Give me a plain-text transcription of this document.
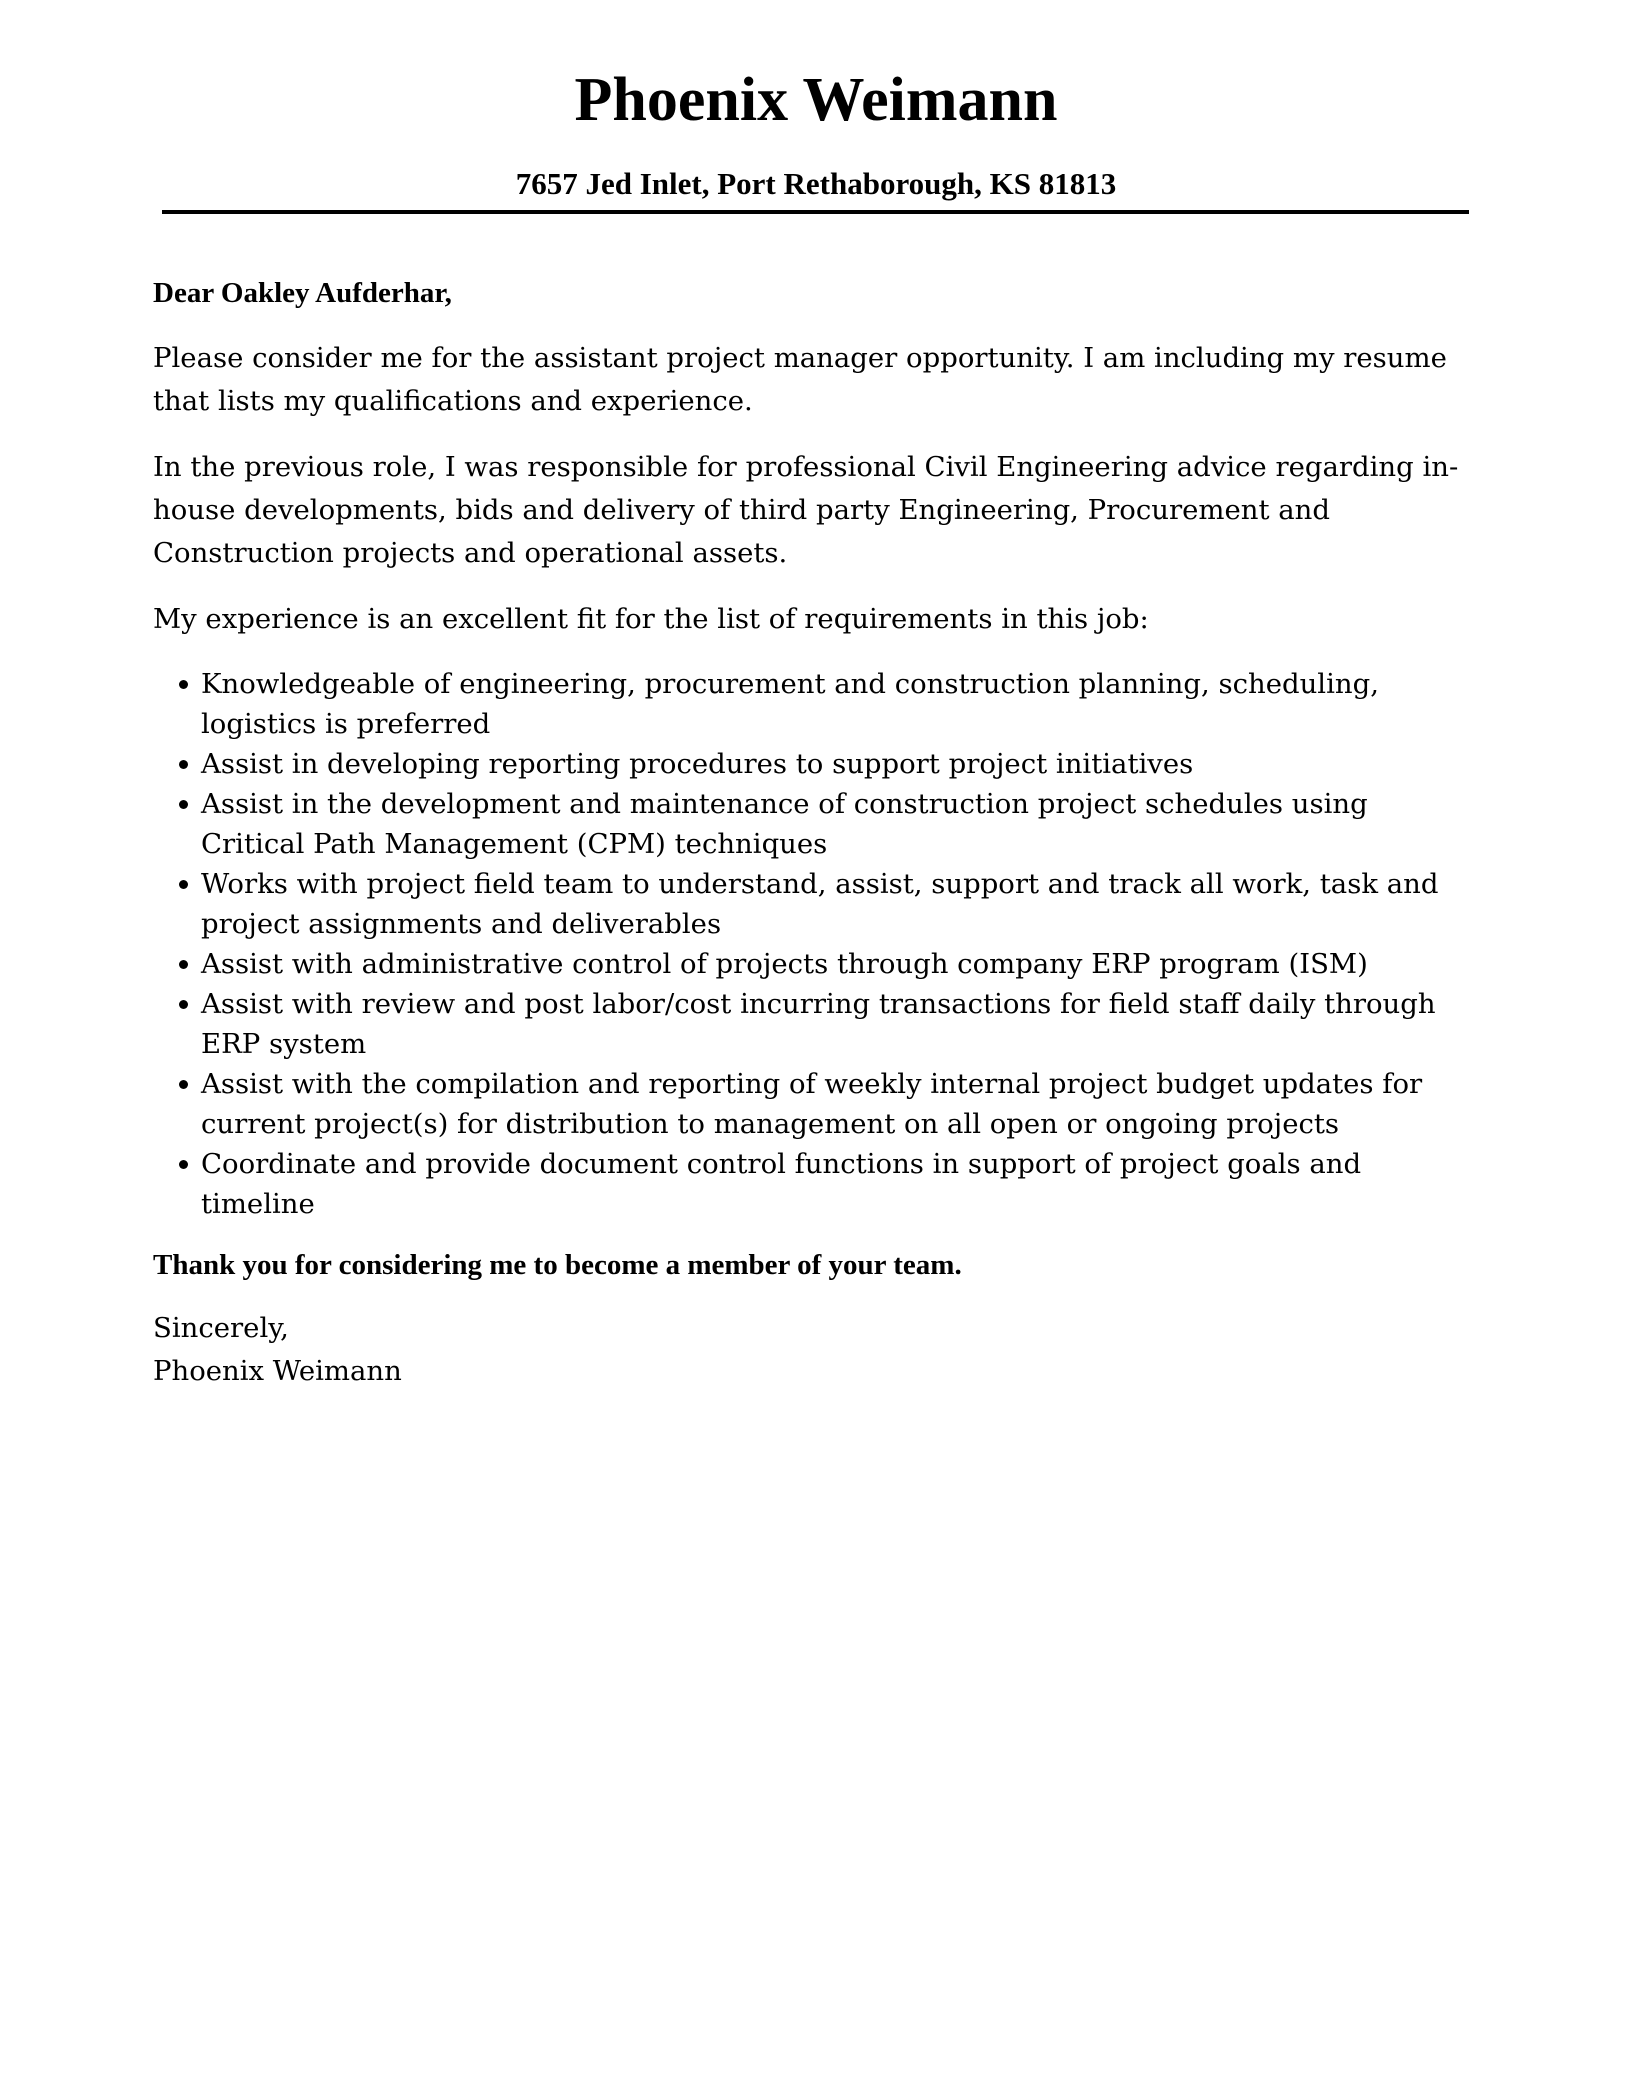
Phoenix Weimann
7657 Jed Inlet, Port Rethaborough, KS 81813

Dear Oakley Aufderhar,

Please consider me for the assistant project manager opportunity. I am including my resume that lists my qualifications and experience.

In the previous role, I was responsible for professional Civil Engineering advice regarding in-house developments, bids and delivery of third party Engineering, Procurement and Construction projects and operational assets.

My experience is an excellent fit for the list of requirements in this job:

Knowledgeable of engineering, procurement and construction planning, scheduling, logistics is preferred
Assist in developing reporting procedures to support project initiatives
Assist in the development and maintenance of construction project schedules using Critical Path Management (CPM) techniques
Works with project field team to understand, assist, support and track all work, task and project assignments and deliverables
Assist with administrative control of projects through company ERP program (ISM)
Assist with review and post labor/cost incurring transactions for field staff daily through ERP system
Assist with the compilation and reporting of weekly internal project budget updates for current project(s) for distribution to management on all open or ongoing projects
Coordinate and provide document control functions in support of project goals and timeline

Thank you for considering me to become a member of your team.

Sincerely,

Phoenix Weimann
